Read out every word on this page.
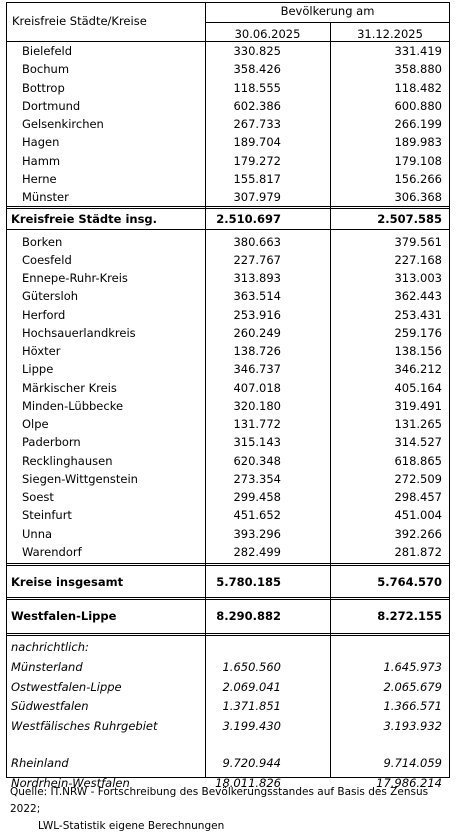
Kreisfreie Städte/Kreise
Bevölkerung am
30.06.2025	31.12.2025
Bielefeld	330.825	331.419
Bochum	358.426	358.880
Bottrop	118.555	118.482
Dortmund	602.386	600.880
Gelsenkirchen	267.733	266.199
Hagen	189.704	189.983
Hamm	179.272	179.108
Herne	155.817	156.266
Münster	307.979	306.368
Kreisfreie Städte insg.	2.510.697	2.507.585
Borken	380.663	379.561
Coesfeld	227.767	227.168
Ennepe-Ruhr-Kreis	313.893	313.003
Gütersloh	363.514	362.443
Herford	253.916	253.431
Hochsauerlandkreis	260.249	259.176
Höxter	138.726	138.156
Lippe	346.737	346.212
Märkischer Kreis	407.018	405.164
Minden-Lübbecke	320.180	319.491
Olpe	131.772	131.265
Paderborn	315.143	314.527
Recklinghausen	620.348	618.865
Siegen-Wittgenstein	273.354	272.509
Soest	299.458	298.457
Steinfurt	451.652	451.004
Unna	393.296	392.266
Warendorf	282.499	281.872
Kreise insgesamt	5.780.185	5.764.570
Westfalen-Lippe	8.290.882	8.272.155
nachrichtlich:
Münsterland	1.650.560	1.645.973
Ostwestfalen-Lippe	2.069.041	2.065.679
Südwestfalen	1.371.851	1.366.571
Westfälisches Ruhrgebiet	3.199.430	3.193.932
Rheinland	9.720.944	9.714.059
Nordrhein-Westfalen	18.011.826	17.986.214
Quelle: IT.NRW - Fortschreibung des Bevölkerungsstandes auf Basis des Zensus 2022;
LWL-Statistik eigene Berechnungen
